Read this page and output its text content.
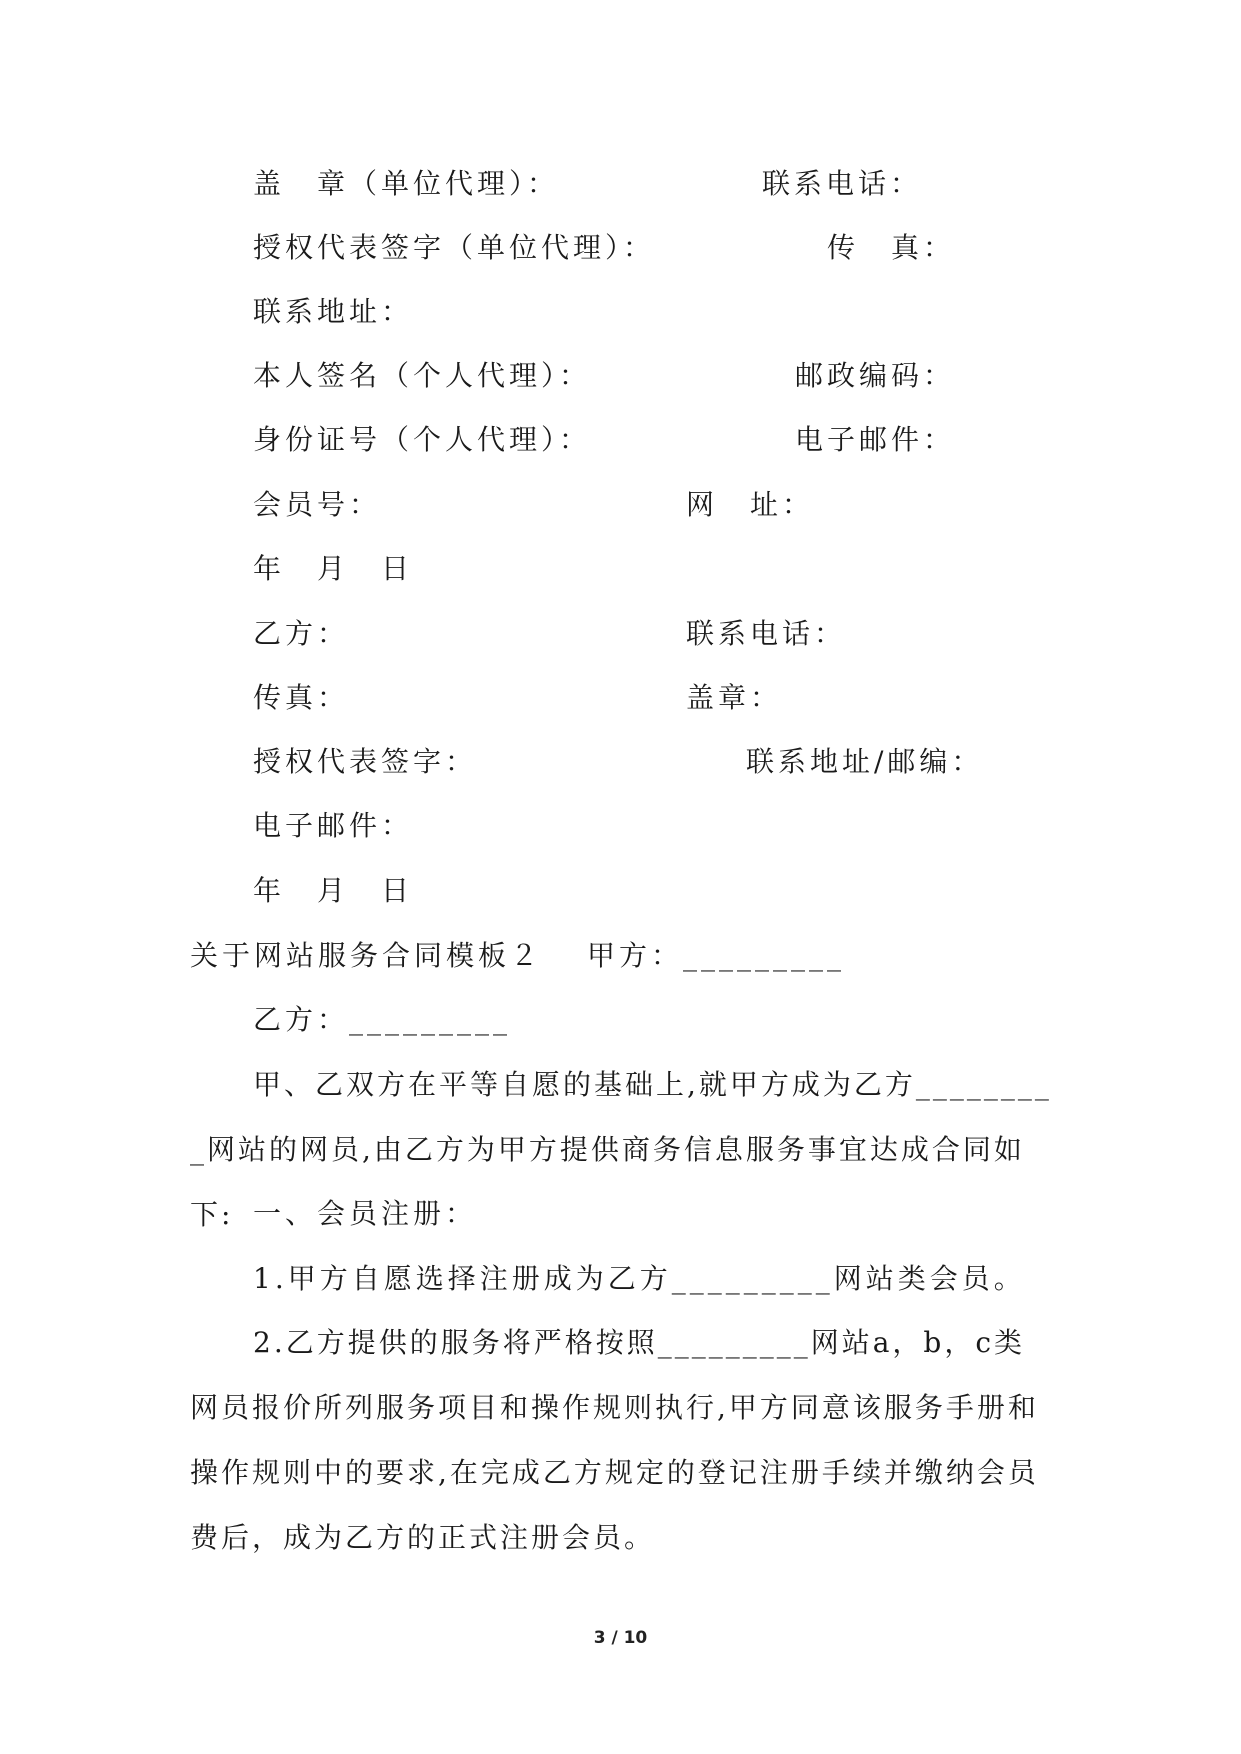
盖　章（单位代理）：	联系电话：
授权代表签字（单位代理）：	传　真：
联系地址：
本人签名（个人代理）：	邮政编码：
身份证号（个人代理）：	电子邮件：
会员号：	网　址：
年　月　日
乙方：	联系电话：
传真：	盖章：
授权代表签字：	联系地址/邮编：
电子邮件：
年　月　日
关于网站服务合同模板２ 甲方：_________
乙方：_________
甲、乙双方在平等自愿的基础上,就甲方成为乙方_________网站的网员,由乙方为甲方提供商务信息服务事宜达成合同如下: 一、会员注册：
1.甲方自愿选择注册成为乙方_________网站类会员。
2.乙方提供的服务将严格按照_________网站a，b，c类网员报价所列服务项目和操作规则执行,甲方同意该服务手册和操作规则中的要求,在完成乙方规定的登记注册手续并缴纳会员费后，成为乙方的正式注册会员。
3 / 10
